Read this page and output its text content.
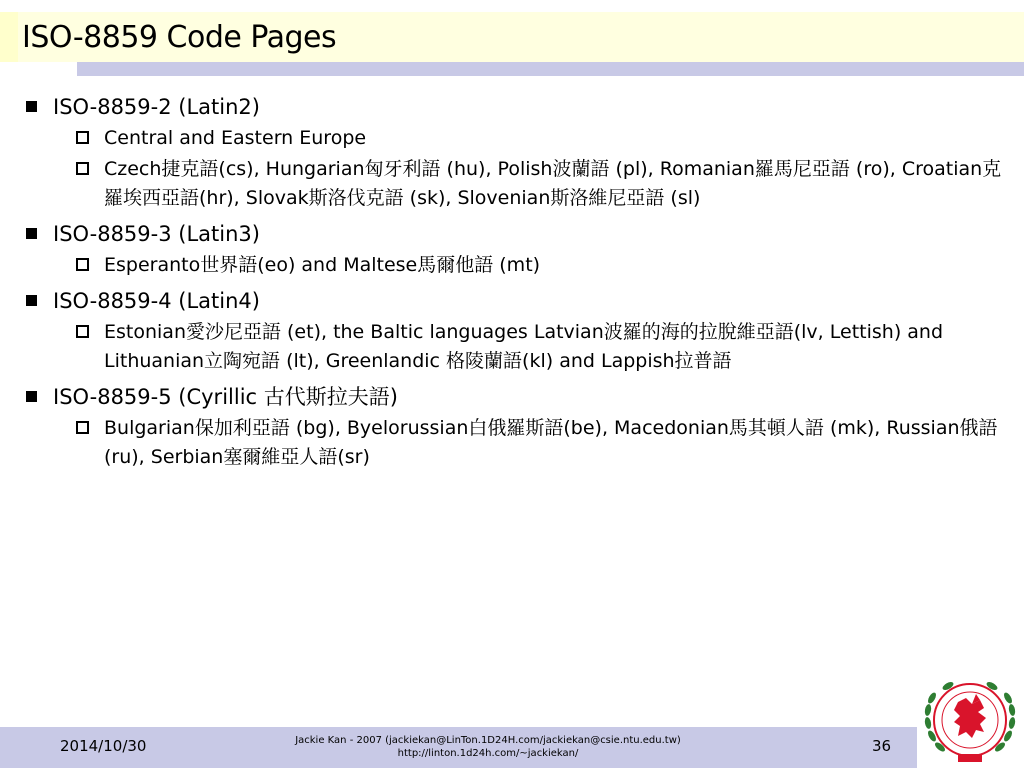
ISO-8859 Code Pages
ISO-8859-2 (Latin2)
Central and Eastern Europe
Czech捷克語(cs), Hungarian匈牙利語 (hu), Polish波蘭語 (pl), Romanian羅馬尼亞語 (ro), Croatian克羅埃西亞語(hr), Slovak斯洛伐克語 (sk), Slovenian斯洛維尼亞語 (sl)
ISO-8859-3 (Latin3)
Esperanto世界語(eo) and Maltese馬爾他語 (mt)
ISO-8859-4 (Latin4)
Estonian愛沙尼亞語 (et), the Baltic languages Latvian波羅的海的拉脫維亞語(lv, Lettish) and Lithuanian立陶宛語 (lt), Greenlandic 格陵蘭語(kl) and Lappish拉普語
ISO-8859-5 (Cyrillic 古代斯拉夫語)
Bulgarian保加利亞語 (bg), Byelorussian白俄羅斯語(be), Macedonian馬其頓人語 (mk), Russian俄語 (ru), Serbian塞爾維亞人語(sr)
2014/10/30	Jackie Kan - 2007 (jackiekan@LinTon.1D24H.com/jackiekan@csie.ntu.edu.tw)
http://linton.1d24h.com/~jackiekan/	36
